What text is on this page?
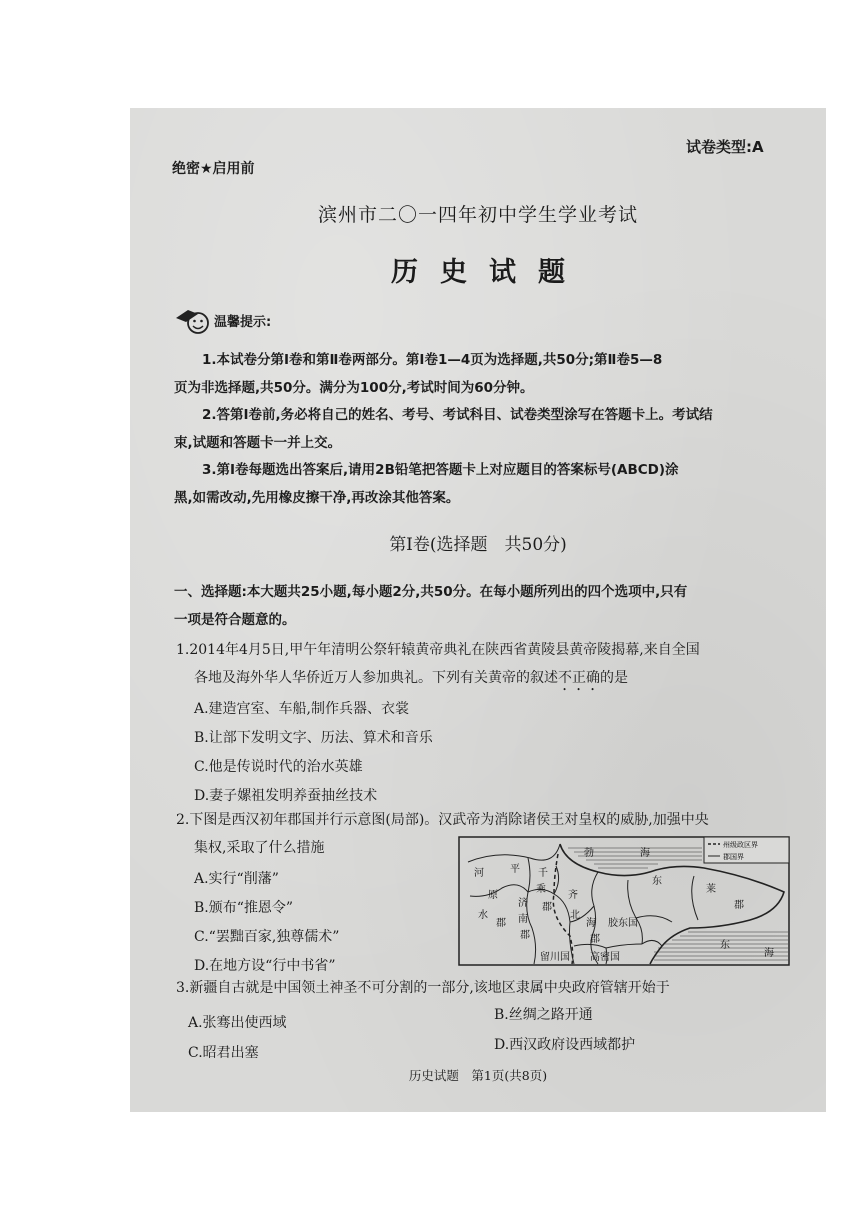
绝密★启用前
试卷类型:A
滨州市二〇一四年初中学生学业考试
历史试题
温馨提示:
1.本试卷分第Ⅰ卷和第Ⅱ卷两部分。第Ⅰ卷1—4页为选择题,共50分;第Ⅱ卷5—8
页为非选择题,共50分。满分为100分,考试时间为60分钟。
2.答第Ⅰ卷前,务必将自己的姓名、考号、考试科目、试卷类型涂写在答题卡上。考试结
束,试题和答题卡一并上交。
3.第Ⅰ卷每题选出答案后,请用2B铅笔把答题卡上对应题目的答案标号(ABCD)涂
黑,如需改动,先用橡皮擦干净,再改涂其他答案。
第Ⅰ卷(选择题　共50分)
一、选择题:本大题共25小题,每小题2分,共50分。在每小题所列出的四个选项中,只有
一项是符合题意的。
1.2014年4月5日,甲午年清明公祭轩辕黄帝典礼在陕西省黄陵县黄帝陵揭幕,来自全国
各地及海外华人华侨近万人参加典礼。下列有关黄帝的叙述不正确的是
A.建造宫室、车船,制作兵器、衣裳
B.让部下发明文字、历法、算术和音乐
C.他是传说时代的治水英雄
D.妻子嫘祖发明养蚕抽丝技术
2.下图是西汉初年郡国并行示意图(局部)。汉武帝为消除诸侯王对皇权的威胁,加强中央
集权,采取了什么措施
A.实行“削藩”
B.颁布“推恩令”
C.“罢黜百家,独尊儒术”
D.在地方设“行中书省”
州级政区界
郡国界
河	平
原
水
郡
千
乘
郡
济
南
郡
齐
北
海
郡
胶东国
东
莱
郡
留川国 高密国
勃	海
东
海
3.新疆自古就是中国领土神圣不可分割的一部分,该地区隶属中央政府管辖开始于
A.张骞出使西域	B.丝绸之路开通
C.昭君出塞	D.西汉政府设西域都护
历史试题　第1页(共8页)
